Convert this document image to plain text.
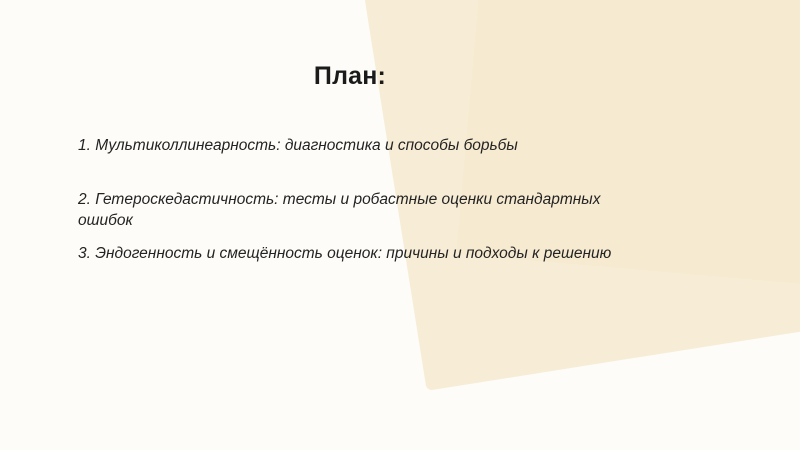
План:
1. Мультиколлинеарность: диагностика и способы борьбы
2. Гетероскедастичность: тесты и робастные оценки стандартных ошибок
3. Эндогенность и смещённость оценок: причины и подходы к решению
